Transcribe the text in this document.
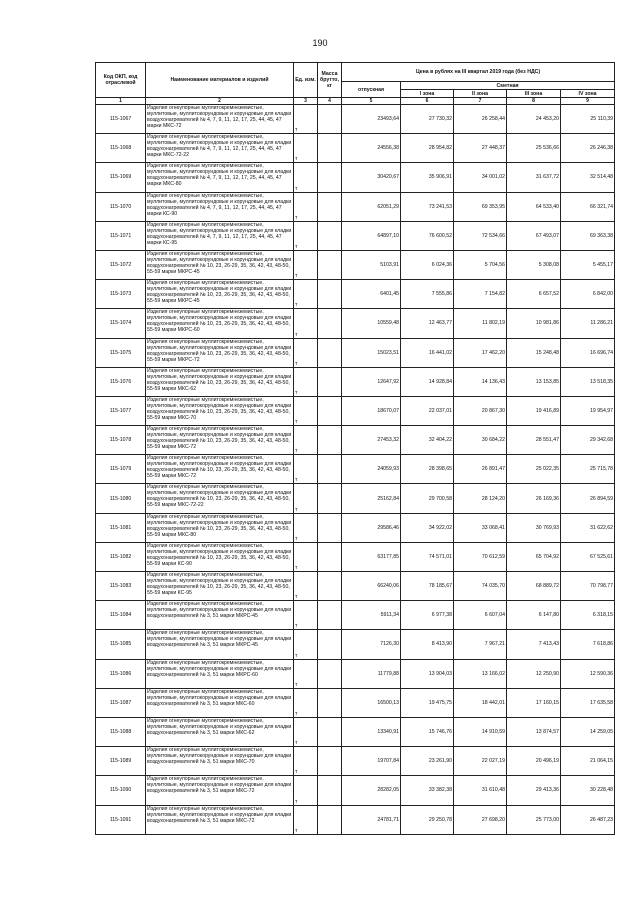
190
Код ОКП, код отраслевой	Наименование материалов и изделий	Ед. изм.	Масса брутто, кг	Цена в рублях на III квартал 2019 года (без НДС)				
				отпускная	Сметная			
					I зона	II зона	III зона	IV зона
1	2	3	4	5	6	7	8	9
115-1067	Изделия огнеупорные муллитокремнеземистые, муллитовые, муллитокорундовые и корундовые для кладки воздухонагревателей № 4, 7, 9, 11, 12, 17, 25, 44, 45, 47 марки МКС-72	т		23493,64	27 730,32	26 258,44	24 453,20	25 110,39
115-1068	Изделия огнеупорные муллитокремнеземистые, муллитовые, муллитокорундовые и корундовые для кладки воздухонагревателей № 4, 7, 9, 11, 12, 17, 25, 44, 45, 47 марки МКС-72-22	т		24556,38	28 954,82	27 448,37	25 536,66	26 246,38
115-1069	Изделия огнеупорные муллитокремнеземистые, муллитовые, муллитокорундовые и корундовые для кладки воздухонагревателей № 4, 7, 9, 11, 12, 17, 25, 44, 45, 47 марки МКС-80	т		30420,67	35 906,91	34 001,02	31 637,72	32 514,48
115-1070	Изделия огнеупорные муллитокремнеземистые, муллитовые, муллитокорундовые и корундовые для кладки воздухонагревателей № 4, 7, 9, 11, 12, 17, 25, 44, 45, 47 марки КС-90	т		62051,29	73 241,53	69 353,95	64 533,40	66 321,74
115-1071	Изделия огнеупорные муллитокремнеземистые, муллитовые, муллитокорундовые и корундовые для кладки воздухонагревателей № 4, 7, 9, 11, 12, 17, 25, 44, 45, 47 марки КС-95	т		64897,10	76 600,52	72 534,66	67 493,07	69 363,38
115-1072	Изделия огнеупорные муллитокремнеземистые, муллитовые, муллитокорундовые и корундовые для кладки воздухонагревателей № 10, 23, 26-29, 35, 36, 42, 43, 48-50, 55-59 марки МКРС-45	т		5103,91	6 024,36	5 704,56	5 308,08	5 455,17
115-1073	Изделия огнеупорные муллитокремнеземистые, муллитовые, муллитокорундовые и корундовые для кладки воздухонагревателей № 10, 23, 26-29, 35, 36, 42, 43, 48-50, 55-59 марки МКРС-45	т		6401,45	7 555,86	7 154,82	6 657,52	6 842,00
115-1074	Изделия огнеупорные муллитокремнеземистые, муллитовые, муллитокорундовые и корундовые для кладки воздухонагревателей № 10, 23, 26-29, 35, 36, 42, 43, 48-50, 55-59 марки МКРС-60	т		10559,48	12 463,77	11 802,19	10 981,86	11 286,21
115-1075	Изделия огнеупорные муллитокремнеземистые, муллитовые, муллитокорундовые и корундовые для кладки воздухонагревателей № 10, 23, 26-29, 35, 36, 42, 43, 48-50, 55-59 марки МКРС-72	т		15023,51	16 441,02	17 462,20	15 248,48	16 696,74
115-1076	Изделия огнеупорные муллитокремнеземистые, муллитовые, муллитокорундовые и корундовые для кладки воздухонагревателей № 10, 23, 26-29, 35, 36, 42, 43, 48-50, 55-59 марки МКС-62	т		12647,92	14 928,84	14 136,43	13 153,85	13 518,35
115-1077	Изделия огнеупорные муллитокремнеземистые, муллитовые, муллитокорундовые и корундовые для кладки воздухонагревателей № 10, 23, 26-29, 35, 36, 42, 43, 48-50, 55-59 марки МКС-70	т		18670,07	22 037,01	20 867,30	19 416,89	19 954,97
115-1078	Изделия огнеупорные муллитокремнеземистые, муллитовые, муллитокорундовые и корундовые для кладки воздухонагревателей № 10, 23, 26-29, 35, 36, 42, 43, 48-50, 55-59 марки МКС-72	т		27453,32	32 404,22	30 684,22	28 551,47	29 342,68
115-1079	Изделия огнеупорные муллитокремнеземистые, муллитовые, муллитокорундовые и корундовые для кладки воздухонагревателей № 10, 23, 26-29, 35, 36, 42, 43, 48-50, 55-59 марки МКС-72	т		24059,93	28 398,65	26 891,47	25 022,35	25 715,78
115-1080	Изделия огнеупорные муллитокремнеземистые, муллитовые, муллитокорундовые и корундовые для кладки воздухонагревателей № 10, 23, 26-29, 35, 36, 42, 43, 48-50, 55-59 марки МКС-72-22	т		25162,84	29 700,58	28 124,20	26 169,36	26 894,59
115-1081	Изделия огнеупорные муллитокремнеземистые, муллитовые, муллитокорундовые и корундовые для кладки воздухонагревателей № 10, 23, 26-29, 35, 36, 42, 43, 48-50, 55-59 марки МКС-80	т		29586,46	34 922,02	33 068,41	30 769,93	31 622,62
115-1082	Изделия огнеупорные муллитокремнеземистые, муллитовые, муллитокорундовые и корундовые для кладки воздухонагревателей № 10, 23, 26-29, 35, 36, 42, 43, 48-50, 55-59 марки КС-90	т		63177,85	74 571,01	70 612,59	65 704,92	67 525,61
115-1083	Изделия огнеупорные муллитокремнеземистые, муллитовые, муллитокорундовые и корундовые для кладки воздухонагревателей № 10, 23, 26-29, 35, 36, 42, 43, 48-50, 55-59 марки КС-95	т		66240,06	78 185,67	74 035,70	68 889,72	70 798,77
115-1084	Изделия огнеупорные муллитокремнеземистые, муллитовые, муллитокорундовые и корундовые для кладки воздухонагревателей № 3, 51 марки МКРС-45	т		5911,34	6 977,38	6 607,04	6 147,80	6 318,15
115-1085	Изделия огнеупорные муллитокремнеземистые, муллитовые, муллитокорундовые и корундовые для кладки воздухонагревателей № 3, 51 марки МКРС-45	т		7126,30	8 413,90	7 967,21	7 413,43	7 618,86
115-1086	Изделия огнеупорные муллитокремнеземистые, муллитовые, муллитокорундовые и корундовые для кладки воздухонагревателей № 3, 51 марки МКРС-60	т		11779,88	13 904,03	13 166,02	12 250,90	12 590,36
115-1087	Изделия огнеупорные муллитокремнеземистые, муллитовые, муллитокорундовые и корундовые для кладки воздухонагревателей № 3, 51 марки МКС-60	т		16500,13	19 475,75	18 442,01	17 160,15	17 635,58
115-1088	Изделия огнеупорные муллитокремнеземистые, муллитовые, муллитокорундовые и корундовые для кладки воздухонагревателей № 3, 51 марки МКС-62	т		13340,91	15 746,76	14 910,59	13 874,57	14 259,05
115-1089	Изделия огнеупорные муллитокремнеземистые, муллитовые, муллитокорундовые и корундовые для кладки воздухонагревателей № 3, 51 марки МКС-70	т		19707,84	23 261,90	22 027,19	20 496,19	21 064,15
115-1090	Изделия огнеупорные муллитокремнеземистые, муллитовые, муллитокорундовые и корундовые для кладки воздухонагревателей № 3, 51 марки МКС-72	т		28282,05	33 382,38	31 610,48	29 413,36	30 228,48
115-1091	Изделия огнеупорные муллитокремнеземистые, муллитовые, муллитокорундовые и корундовые для кладки воздухонагревателей № 3, 51 марки МКС-72	т		24781,71	29 250,78	27 698,20	25 773,00	26 487,23
